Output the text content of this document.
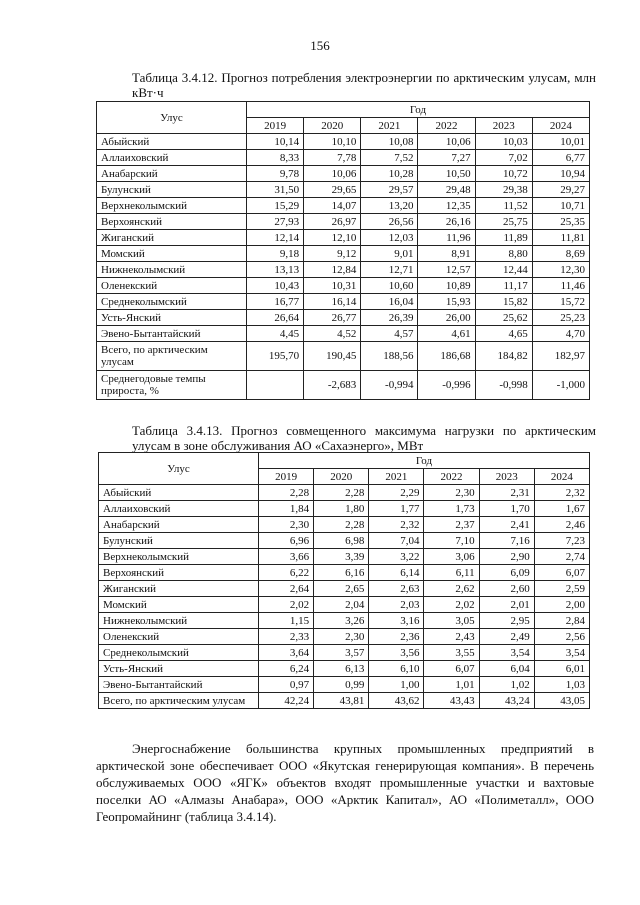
156
Таблица 3.4.12. Прогноз потребления электроэнергии по арктическим улусам, млн кВт·ч
Улус	Год					
	2019	2020	2021	2022	2023	2024
Абыйский	10,14	10,10	10,08	10,06	10,03	10,01
Аллаиховский	8,33	7,78	7,52	7,27	7,02	6,77
Анабарский	9,78	10,06	10,28	10,50	10,72	10,94
Булунский	31,50	29,65	29,57	29,48	29,38	29,27
Верхнеколымский	15,29	14,07	13,20	12,35	11,52	10,71
Верхоянский	27,93	26,97	26,56	26,16	25,75	25,35
Жиганский	12,14	12,10	12,03	11,96	11,89	11,81
Момский	9,18	9,12	9,01	8,91	8,80	8,69
Нижнеколымский	13,13	12,84	12,71	12,57	12,44	12,30
Оленекский	10,43	10,31	10,60	10,89	11,17	11,46
Среднеколымский	16,77	16,14	16,04	15,93	15,82	15,72
Усть-Янский	26,64	26,77	26,39	26,00	25,62	25,23
Эвено-Бытантайский	4,45	4,52	4,57	4,61	4,65	4,70
Всего, по арктическим улусам	195,70	190,45	188,56	186,68	184,82	182,97
Среднегодовые темпы прироста, %		-2,683	-0,994	-0,996	-0,998	-1,000
Таблица 3.4.13. Прогноз совмещенного максимума нагрузки по арктическим улусам в зоне обслуживания АО «Сахаэнерго», МВт
Улус	Год					
	2019	2020	2021	2022	2023	2024
Абыйский	2,28	2,28	2,29	2,30	2,31	2,32
Аллаиховский	1,84	1,80	1,77	1,73	1,70	1,67
Анабарский	2,30	2,28	2,32	2,37	2,41	2,46
Булунский	6,96	6,98	7,04	7,10	7,16	7,23
Верхнеколымский	3,66	3,39	3,22	3,06	2,90	2,74
Верхоянский	6,22	6,16	6,14	6,11	6,09	6,07
Жиганский	2,64	2,65	2,63	2,62	2,60	2,59
Момский	2,02	2,04	2,03	2,02	2,01	2,00
Нижнеколымский	1,15	3,26	3,16	3,05	2,95	2,84
Оленекский	2,33	2,30	2,36	2,43	2,49	2,56
Среднеколымский	3,64	3,57	3,56	3,55	3,54	3,54
Усть-Янский	6,24	6,13	6,10	6,07	6,04	6,01
Эвено-Бытантайский	0,97	0,99	1,00	1,01	1,02	1,03
Всего, по арктическим улусам	42,24	43,81	43,62	43,43	43,24	43,05
Энергоснабжение большинства крупных промышленных предприятий в арктической зоне обеспечивает ООО «Якутская генерирующая компания». В перечень обслуживаемых ООО «ЯГК» объектов входят промышленные участки и вахтовые поселки АО «Алмазы Анабара», ООО «Арктик Капитал», АО «Полиметалл», ООО Геопромайнинг (таблица 3.4.14).
